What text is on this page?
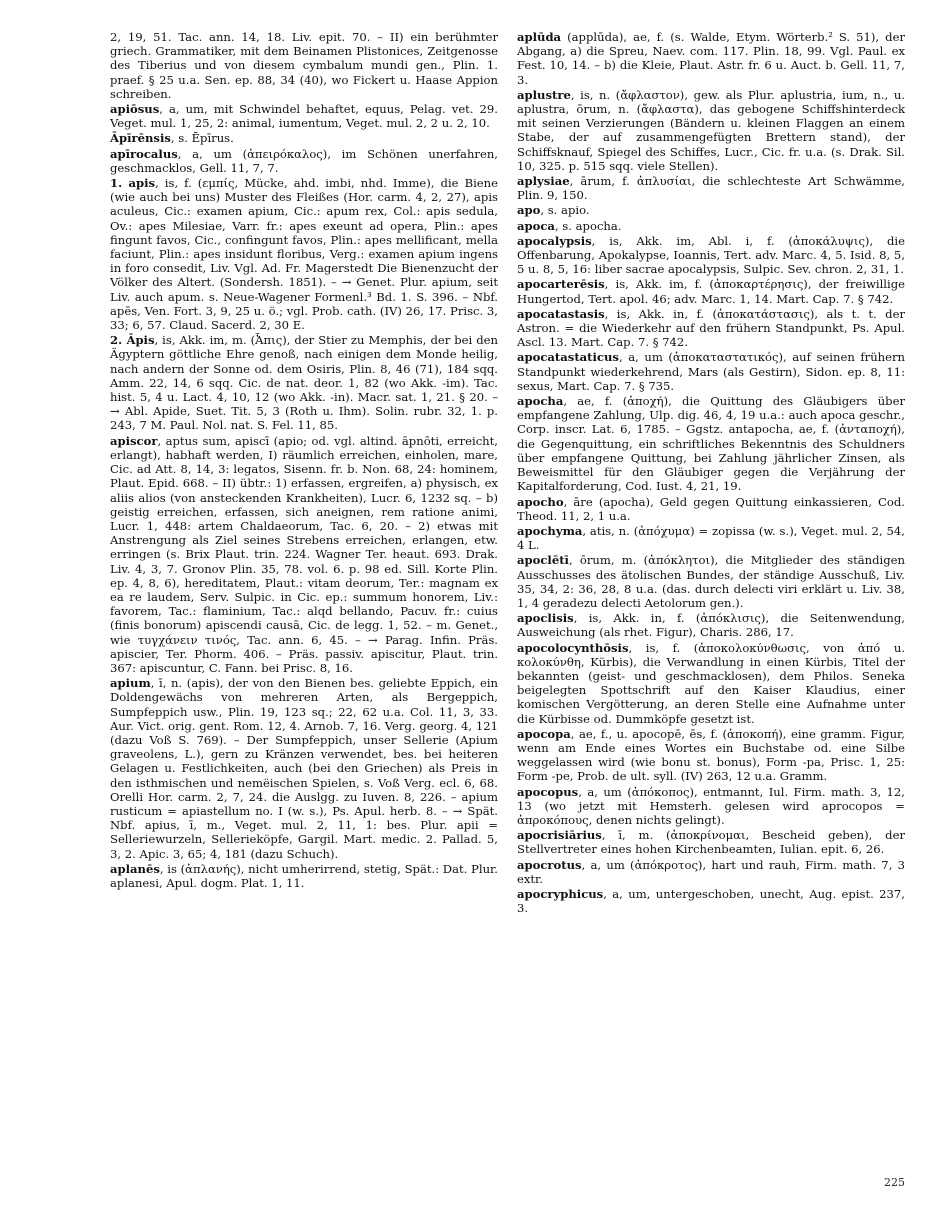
2, 19, 51. Tac. ann. 14, 18. Liv. epit. 70. – II) ein berühmter griech. Grammatiker, mit dem Beinamen Plistonices, Zeitgenosse des Tiberius und von diesem cymbalum mundi gen., Plin. 1. praef. § 25 u.a. Sen. ep. 88, 34 (40), wo Fickert u. Haase Appion schreiben.
apiōsus, a, um, mit Schwindel behaftet, equus, Pelag. vet. 29. Veget. mul. 1, 25, 2: animal, iumentum, Veget. mul. 2, 2 u. 2, 10.
Āpīrēnsis, s. Ēpīrus.
apīrocalus, a, um (ἀπειρόκαλος), im Schönen unerfahren, geschmacklos, Gell. 11, 7, 7.
1. apis, is, f. (εμπίς, Mücke, ahd. imbi, nhd. Imme), die Biene (wie auch bei uns) Muster des Fleißes (Hor. carm. 4, 2, 27), apis aculeus, Cic.: examen apium, Cic.: apum rex, Col.: apis sedula, Ov.: apes Milesiae, Varr. fr.: apes exeunt ad opera, Plin.: apes fingunt favos, Cic., confingunt favos, Plin.: apes mellificant, mella faciunt, Plin.: apes insidunt floribus, Verg.: examen apium ingens in foro consedit, Liv. Vgl. Ad. Fr. Magerstedt Die Bienenzucht der Völker des Altert. (Sondersh. 1851). – → Genet. Plur. apium, seit Liv. auch apum. s. Neue-Wagener Formenl.³ Bd. 1. S. 396. – Nbf. apēs, Ven. Fort. 3, 9, 25 u. ö.; vgl. Prob. cath. (IV) 26, 17. Prisc. 3, 33; 6, 57. Claud. Sacerd. 2, 30 E.
2. Āpis, is, Akk. im, m. (Ἆπις), der Stier zu Memphis, der bei den Ägyptern göttliche Ehre genoß, nach einigen dem Monde heilig, nach andern der Sonne od. dem Osiris, Plin. 8, 46 (71), 184 sqq. Amm. 22, 14, 6 sqq. Cic. de nat. deor. 1, 82 (wo Akk. -im). Tac. hist. 5, 4 u. Lact. 4, 10, 12 (wo Akk. -in). Macr. sat. 1, 21. § 20. – → Abl. Apide, Suet. Tit. 5, 3 (Roth u. Ihm). Solin. rubr. 32, 1. p. 243, 7 M. Paul. Nol. nat. S. Fel. 11, 85.
apiscor, aptus sum, apiscī (apio; od. vgl. altind. āpnōti, erreicht, erlangt), habhaft werden, I) räumlich erreichen, einholen, mare, Cic. ad Att. 8, 14, 3: legatos, Sisenn. fr. b. Non. 68, 24: hominem, Plaut. Epid. 668. – II) übtr.: 1) erfassen, ergreifen, a) physisch, ex aliis alios (von ansteckenden Krankheiten), Lucr. 6, 1232 sq. – b) geistig erreichen, erfassen, sich aneignen, rem ratione animi, Lucr. 1, 448: artem Chaldaeorum, Tac. 6, 20. – 2) etwas mit Anstrengung als Ziel seines Strebens erreichen, erlangen, etw. erringen (s. Brix Plaut. trin. 224. Wagner Ter. heaut. 693. Drak. Liv. 4, 3, 7. Gronov Plin. 35, 78. vol. 6. p. 98 ed. Sill. Korte Plin. ep. 4, 8, 6), hereditatem, Plaut.: vitam deorum, Ter.: magnam ex ea re laudem, Serv. Sulpic. in Cic. ep.: summum honorem, Liv.: favorem, Tac.: flaminium, Tac.: alqd bellando, Pacuv. fr.: cuius (finis bonorum) apiscendi causā, Cic. de legg. 1, 52. – m. Genet., wie τυγχάνειν τινός, Tac. ann. 6, 45. – → Parag. Infin. Präs. apiscier, Ter. Phorm. 406. – Präs. passiv. apiscitur, Plaut. trin. 367: apiscuntur, C. Fann. bei Prisc. 8, 16.
apium, ī, n. (apis), der von den Bienen bes. geliebte Eppich, ein Doldengewächs von mehreren Arten, als Bergeppich, Sumpfeppich usw., Plin. 19, 123 sq.; 22, 62 u.a. Col. 11, 3, 33. Aur. Vict. orig. gent. Rom. 12, 4. Arnob. 7, 16. Verg. georg. 4, 121 (dazu Voß S. 769). – Der Sumpfeppich, unser Sellerie (Apium graveolens, L.), gern zu Kränzen verwendet, bes. bei heiteren Gelagen u. Festlichkeiten, auch (bei den Griechen) als Preis in den isthmischen und nemëischen Spielen, s. Voß Verg. ecl. 6, 68. Orelli Hor. carm. 2, 7, 24. die Auslgg. zu Iuven. 8, 226. – apium rusticum = apiastellum no. I (w. s.), Ps. Apul. herb. 8. – → Spät. Nbf. apius, ī, m., Veget. mul. 2, 11, 1: bes. Plur. apii = Selleriewurzeln, Sellerieköpfe, Gargil. Mart. medic. 2. Pallad. 5, 3, 2. Apic. 3, 65; 4, 181 (dazu Schuch).
aplanēs, is (ἀπλανής), nicht umherirrend, stetig, Spät.: Dat. Plur. aplanesi, Apul. dogm. Plat. 1, 11.
aplūda (applūda), ae, f. (s. Walde, Etym. Wörterb.² S. 51), der Abgang, a) die Spreu, Naev. com. 117. Plin. 18, 99. Vgl. Paul. ex Fest. 10, 14. – b) die Kleie, Plaut. Astr. fr. 6 u. Auct. b. Gell. 11, 7, 3.
aplustre, is, n. (ἄφλαστον), gew. als Plur. aplustria, ium, n., u. aplustra, ōrum, n. (ἄφλαστα), das gebogene Schiffshinterdeck mit seinen Verzierungen (Bändern u. kleinen Flaggen an einem Stabe, der auf zusammengefügten Brettern stand), der Schiffsknauf, Spiegel des Schiffes, Lucr., Cic. fr. u.a. (s. Drak. Sil. 10, 325. p. 515 sqq. viele Stellen).
aplysiae, ārum, f. ἀπλυσίαι, die schlechteste Art Schwämme, Plin. 9, 150.
apo, s. apio.
apoca, s. apocha.
apocalypsis, is, Akk. im, Abl. i, f. (ἀποκάλυψις), die Offenbarung, Apokalypse, Ioannis, Tert. adv. Marc. 4, 5. Isid. 8, 5, 5 u. 8, 5, 16: liber sacrae apocalypsis, Sulpic. Sev. chron. 2, 31, 1.
apocarterēsis, is, Akk. im, f. (ἀποκαρτέρησις), der freiwillige Hungertod, Tert. apol. 46; adv. Marc. 1, 14. Mart. Cap. 7. § 742.
apocatastasis, is, Akk. in, f. (ἀποκατάστασις), als t. t. der Astron. = die Wiederkehr auf den frühern Standpunkt, Ps. Apul. Ascl. 13. Mart. Cap. 7. § 742.
apocatastaticus, a, um (ἀποκαταστατικός), auf seinen frühern Standpunkt wiederkehrend, Mars (als Gestirn), Sidon. ep. 8, 11: sexus, Mart. Cap. 7. § 735.
apocha, ae, f. (ἀποχή), die Quittung des Gläubigers über empfangene Zahlung, Ulp. dig. 46, 4, 19 u.a.: auch apoca geschr., Corp. inscr. Lat. 6, 1785. – Ggstz. antapocha, ae, f. (ἀνταποχή), die Gegenquittung, ein schriftliches Bekenntnis des Schuldners über empfangene Quittung, bei Zahlung jährlicher Zinsen, als Beweismittel für den Gläubiger gegen die Verjährung der Kapitalforderung, Cod. Iust. 4, 21, 19.
apocho, āre (apocha), Geld gegen Quittung einkassieren, Cod. Theod. 11, 2, 1 u.a.
apochyma, atis, n. (ἀπόχυμα) = zopissa (w. s.), Veget. mul. 2, 54, 4 L.
apoclētī, ōrum, m. (ἀπόκλητοι), die Mitglieder des ständigen Ausschusses des ätolischen Bundes, der ständige Ausschuß, Liv. 35, 34, 2: 36, 28, 8 u.a. (das. durch delecti viri erklärt u. Liv. 38, 1, 4 geradezu delecti Aetolorum gen.).
apoclisis, is, Akk. in, f. (ἀπόκλισις), die Seitenwendung, Ausweichung (als rhet. Figur), Charis. 286, 17.
apocolocynthōsis, is, f. (ἀποκολοκύνθωσις, von ἀπό u. κολοκύνθη, Kürbis), die Verwandlung in einen Kürbis, Titel der bekannten (geist- und geschmacklosen), dem Philos. Seneka beigelegten Spottschrift auf den Kaiser Klaudius, einer komischen Vergötterung, an deren Stelle eine Aufnahme unter die Kürbisse od. Dummköpfe gesetzt ist.
apocopa, ae, f., u. apocopē, ēs, f. (ἀποκοπή), eine gramm. Figur, wenn am Ende eines Wortes ein Buchstabe od. eine Silbe weggelassen wird (wie bonu st. bonus), Form -pa, Prisc. 1, 25: Form -pe, Prob. de ult. syll. (IV) 263, 12 u.a. Gramm.
apocopus, a, um (ἀπόκοπος), entmannt, Iul. Firm. math. 3, 12, 13 (wo jetzt mit Hemsterh. gelesen wird aprocopos = ἀπροκόπους, denen nichts gelingt).
apocrisiārius, ī, m. (ἀποκρίνομαι, Bescheid geben), der Stellvertreter eines hohen Kirchenbeamten, Iulian. epit. 6, 26.
apocrotus, a, um (ἀπόκροτος), hart und rauh, Firm. math. 7, 3 extr.
apocryphicus, a, um, untergeschoben, unecht, Aug. epist. 237, 3.
225
